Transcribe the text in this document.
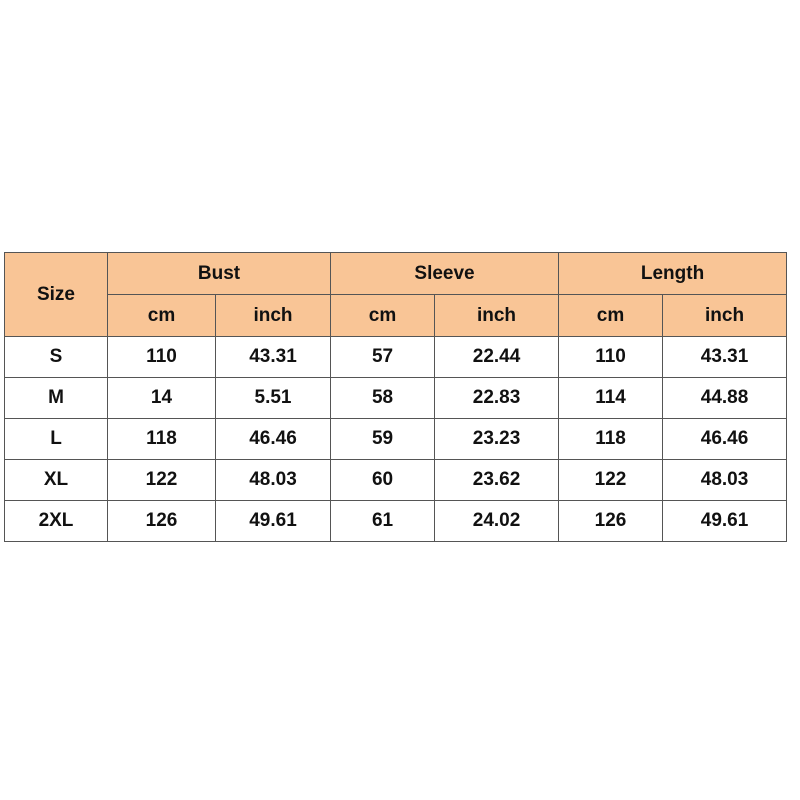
Size	Bust		Sleeve		Length	
	cm	inch	cm	inch	cm	inch
S	110	43.31	57	22.44	110	43.31
M	14	5.51	58	22.83	114	44.88
L	118	46.46	59	23.23	118	46.46
XL	122	48.03	60	23.62	122	48.03
2XL	126	49.61	61	24.02	126	49.61
